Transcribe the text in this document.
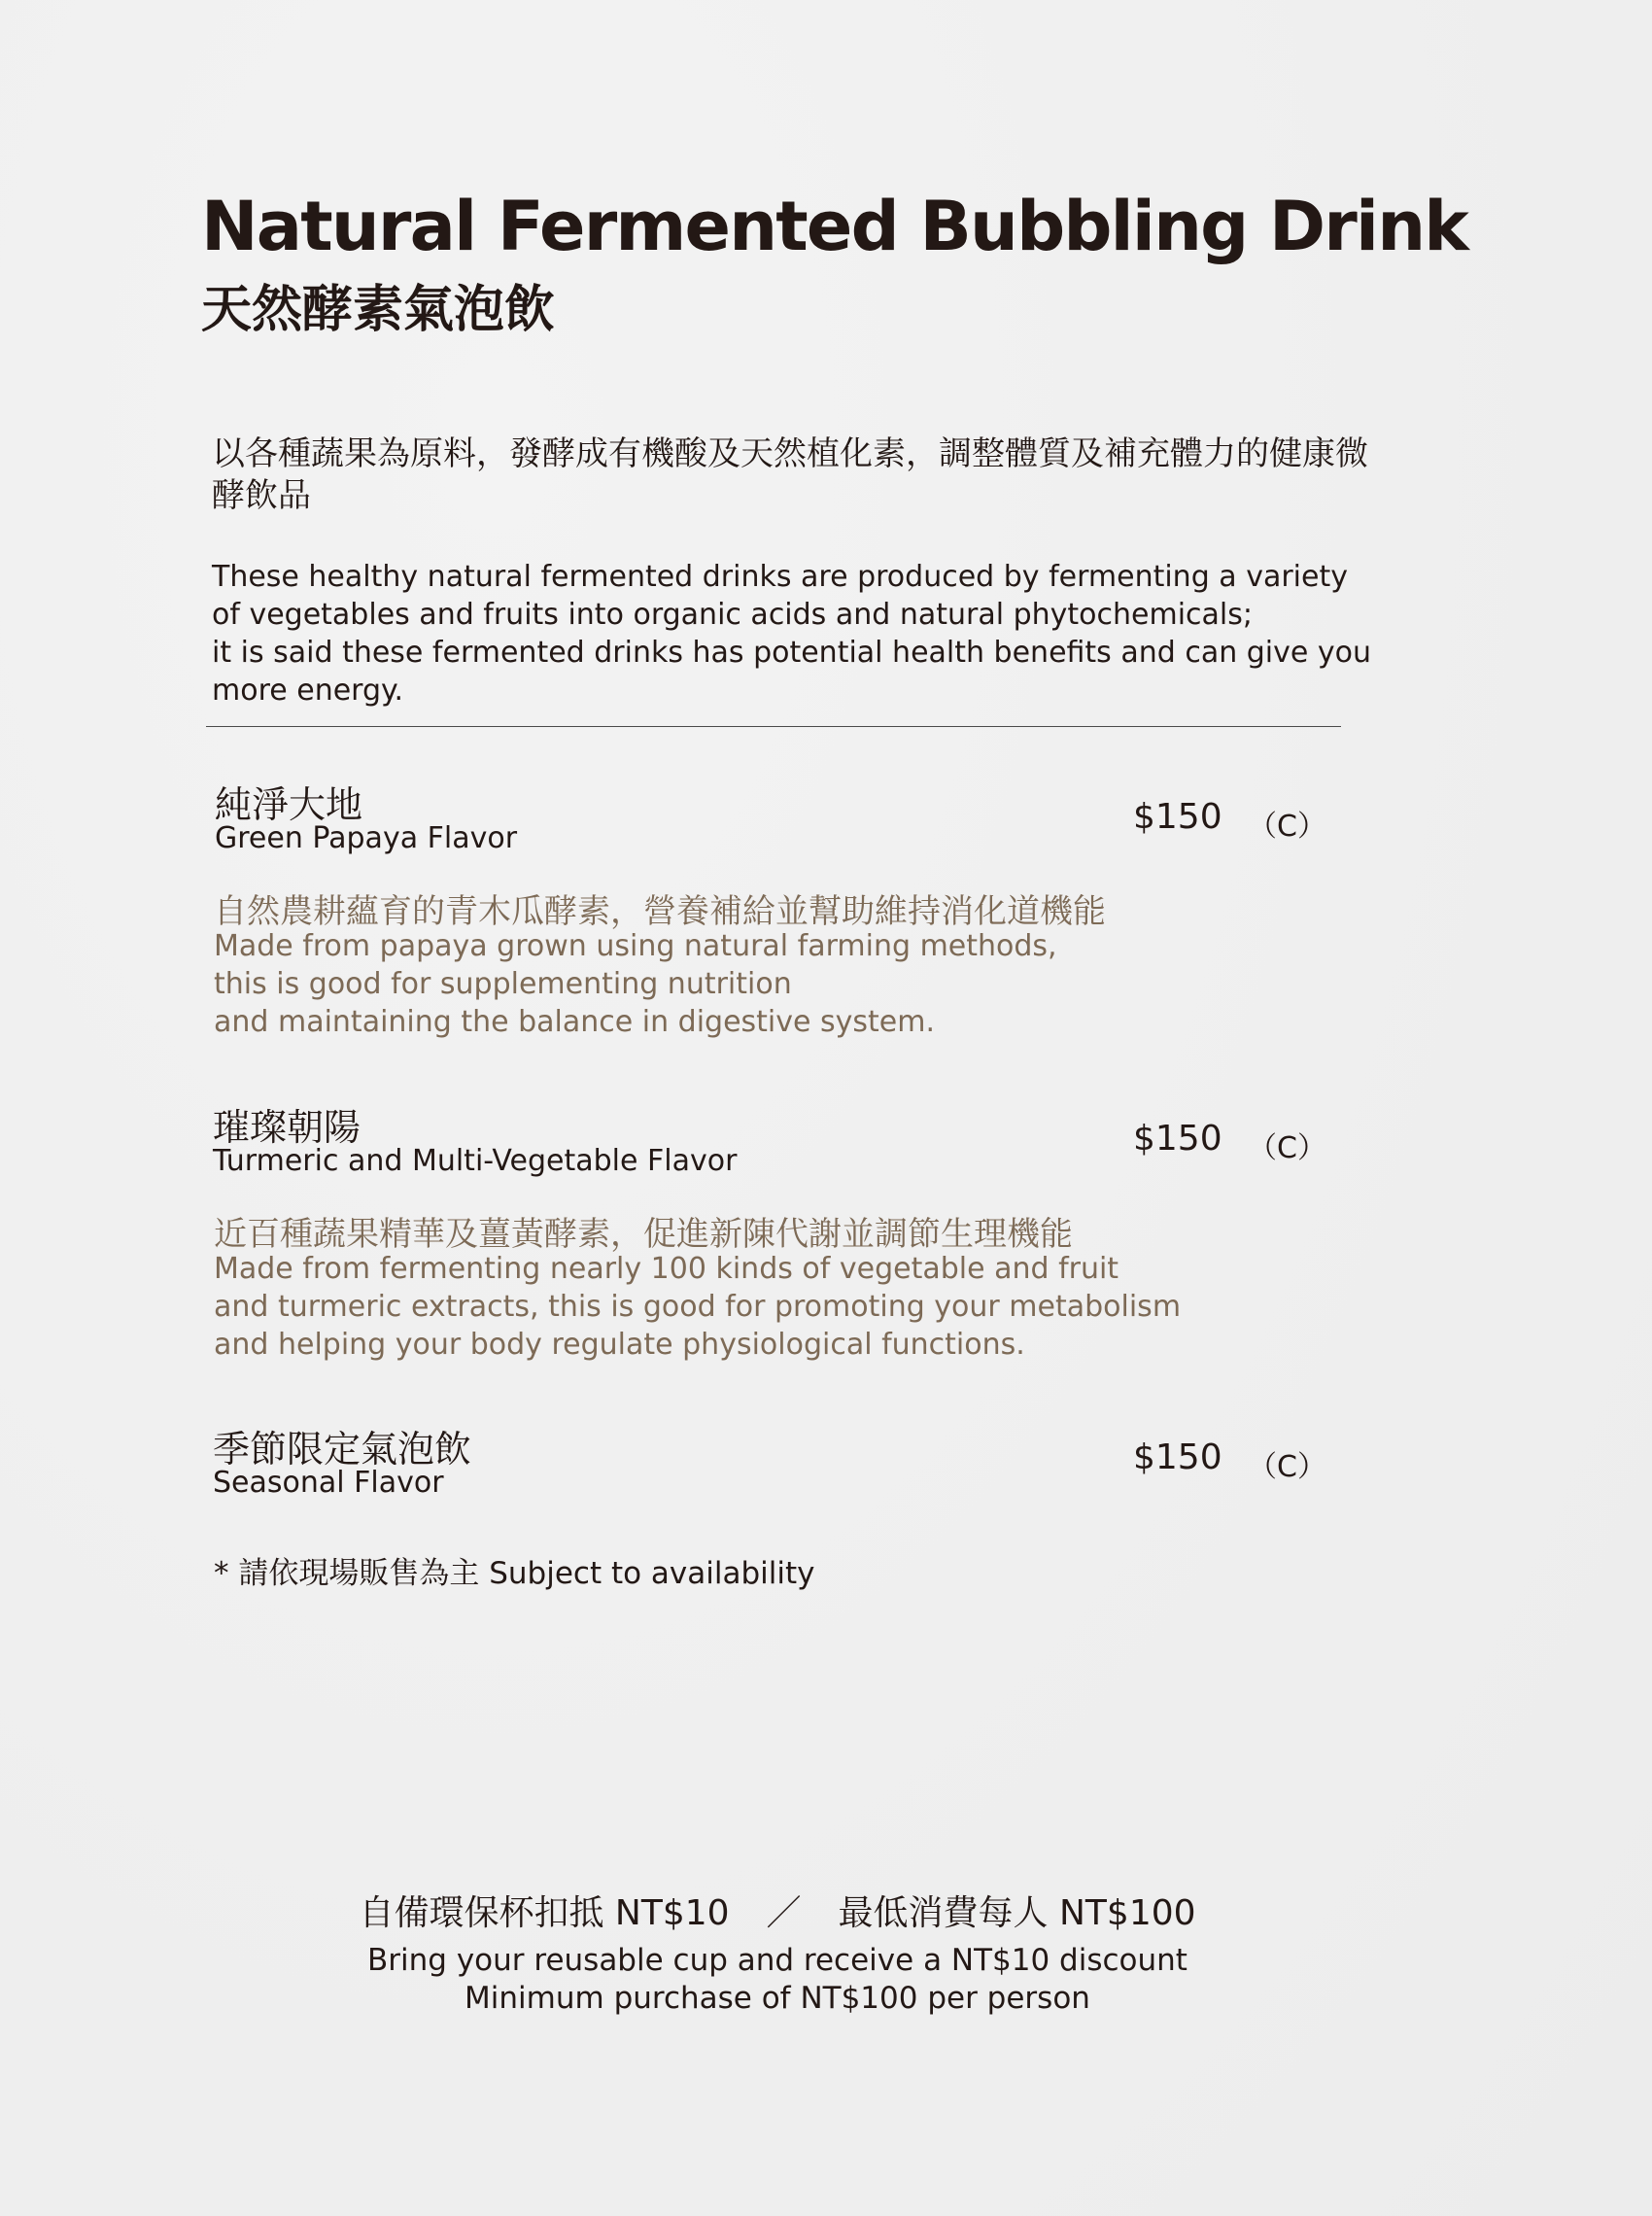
Natural Fermented Bubbling Drink
天然酵素氣泡飲

以各種蔬果為原料，發酵成有機酸及天然植化素，調整體質及補充體力的健康微酵飲品

These healthy natural fermented drinks are produced by fermenting a variety
of vegetables and fruits into organic acids and natural phytochemicals;
it is said these fermented drinks has potential health benefits and can give you
more energy.

純淨大地

Green Papaya Flavor

$150 （C）

自然農耕蘊育的青木瓜酵素，營養補給並幫助維持消化道機能

Made from papaya grown using natural farming methods,
this is good for supplementing nutrition
and maintaining the balance in digestive system.

璀璨朝陽

Turmeric and Multi-Vegetable Flavor

$150 （C）

近百種蔬果精華及薑黃酵素，促進新陳代謝並調節生理機能

Made from fermenting nearly 100 kinds of vegetable and fruit
and turmeric extracts, this is good for promoting your metabolism
and helping your body regulate physiological functions.

季節限定氣泡飲

Seasonal Flavor

$150 （C）
* 請依現場販售為主 Subject to availability
自備環保杯扣抵 NT$10 ／ 最低消費每人 NT$100
Bring your reusable cup and receive a NT$10 discount
Minimum purchase of NT$100 per person
